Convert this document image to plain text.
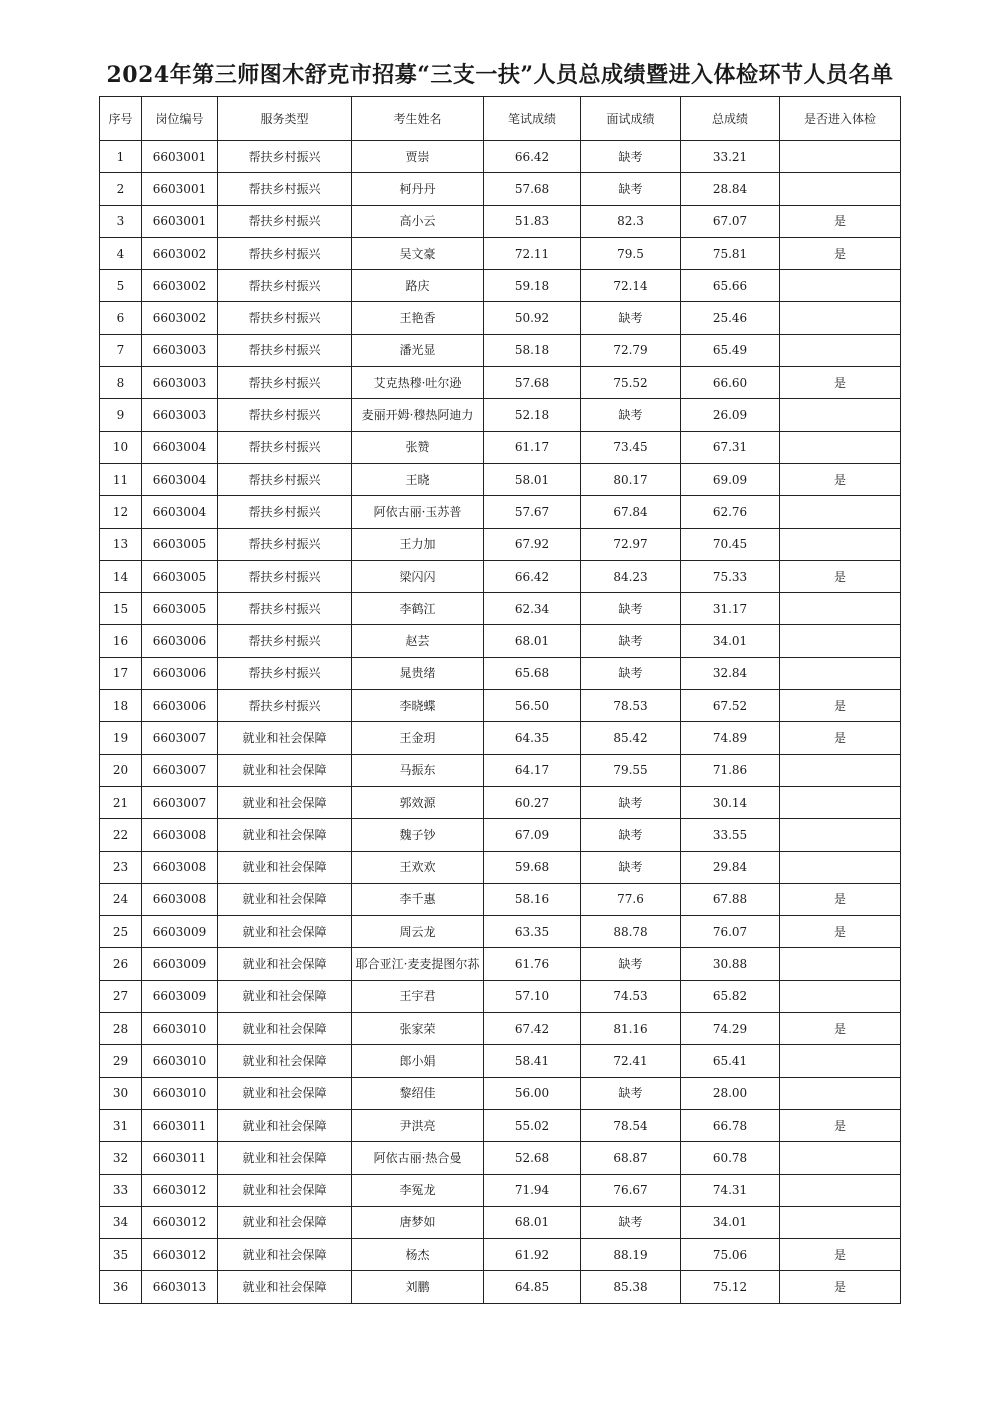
2024年第三师图木舒克市招募“三支一扶”人员总成绩暨进入体检环节人员名单
序号	岗位编号	服务类型	考生姓名	笔试成绩	面试成绩	总成绩	是否进入体检
1	6603001	帮扶乡村振兴	贾崇	66.42	缺考	33.21	
2	6603001	帮扶乡村振兴	柯丹丹	57.68	缺考	28.84	
3	6603001	帮扶乡村振兴	高小云	51.83	82.3	67.07	是
4	6603002	帮扶乡村振兴	吴文豪	72.11	79.5	75.81	是
5	6603002	帮扶乡村振兴	路庆	59.18	72.14	65.66	
6	6603002	帮扶乡村振兴	王艳香	50.92	缺考	25.46	
7	6603003	帮扶乡村振兴	潘光显	58.18	72.79	65.49	
8	6603003	帮扶乡村振兴	艾克热穆·吐尔逊	57.68	75.52	66.60	是
9	6603003	帮扶乡村振兴	麦丽开姆·穆热阿迪力	52.18	缺考	26.09	
10	6603004	帮扶乡村振兴	张赞	61.17	73.45	67.31	
11	6603004	帮扶乡村振兴	王晓	58.01	80.17	69.09	是
12	6603004	帮扶乡村振兴	阿依古丽·玉苏普	57.67	67.84	62.76	
13	6603005	帮扶乡村振兴	王力加	67.92	72.97	70.45	
14	6603005	帮扶乡村振兴	梁闪闪	66.42	84.23	75.33	是
15	6603005	帮扶乡村振兴	李鹤江	62.34	缺考	31.17	
16	6603006	帮扶乡村振兴	赵芸	68.01	缺考	34.01	
17	6603006	帮扶乡村振兴	晁贵绪	65.68	缺考	32.84	
18	6603006	帮扶乡村振兴	李晓蝶	56.50	78.53	67.52	是
19	6603007	就业和社会保障	王金玥	64.35	85.42	74.89	是
20	6603007	就业和社会保障	马振东	64.17	79.55	71.86	
21	6603007	就业和社会保障	郭效源	60.27	缺考	30.14	
22	6603008	就业和社会保障	魏子钞	67.09	缺考	33.55	
23	6603008	就业和社会保障	王欢欢	59.68	缺考	29.84	
24	6603008	就业和社会保障	李千惠	58.16	77.6	67.88	是
25	6603009	就业和社会保障	周云龙	63.35	88.78	76.07	是
26	6603009	就业和社会保障	耶合亚江·麦麦提图尔荪	61.76	缺考	30.88	
27	6603009	就业和社会保障	王宇君	57.10	74.53	65.82	
28	6603010	就业和社会保障	张家荣	67.42	81.16	74.29	是
29	6603010	就业和社会保障	郎小娟	58.41	72.41	65.41	
30	6603010	就业和社会保障	黎绍佳	56.00	缺考	28.00	
31	6603011	就业和社会保障	尹洪亮	55.02	78.54	66.78	是
32	6603011	就业和社会保障	阿依古丽·热合曼	52.68	68.87	60.78	
33	6603012	就业和社会保障	李冤龙	71.94	76.67	74.31	
34	6603012	就业和社会保障	唐梦如	68.01	缺考	34.01	
35	6603012	就业和社会保障	杨杰	61.92	88.19	75.06	是
36	6603013	就业和社会保障	刘鹏	64.85	85.38	75.12	是
